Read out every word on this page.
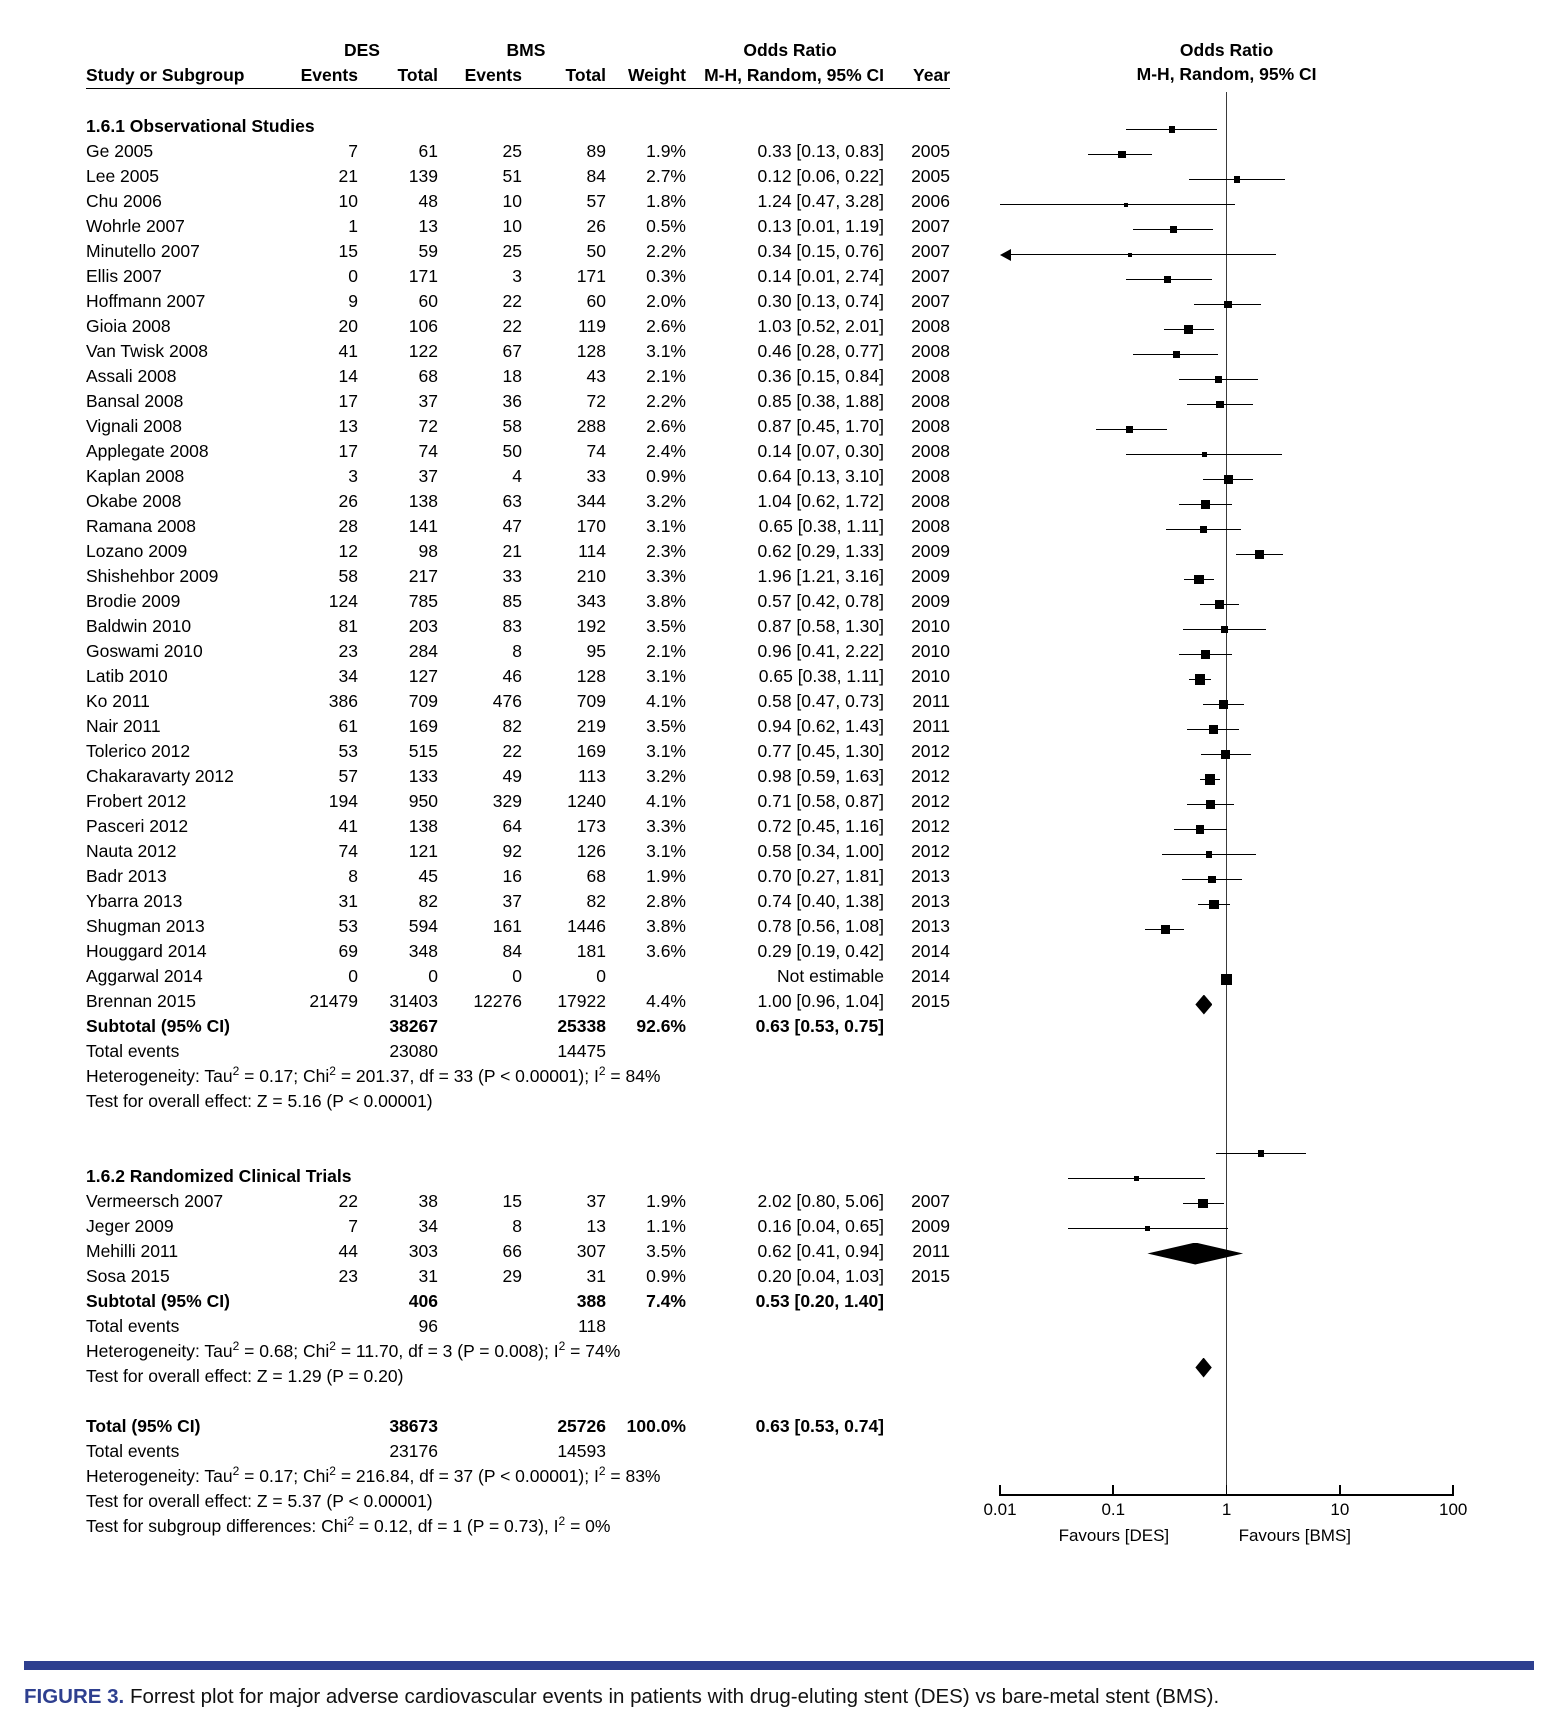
	DES		BMS			Odds Ratio	
Study or Subgroup	Events	Total	Events	Total	Weight	M-H, Random, 95% CI	Year

1.6.1 Observational Studies							
Ge 2005	7	61	25	89	1.9%	0.33 [0.13, 0.83]	2005
Lee 2005	21	139	51	84	2.7%	0.12 [0.06, 0.22]	2005
Chu 2006	10	48	10	57	1.8%	1.24 [0.47, 3.28]	2006
Wohrle 2007	1	13	10	26	0.5%	0.13 [0.01, 1.19]	2007
Minutello 2007	15	59	25	50	2.2%	0.34 [0.15, 0.76]	2007
Ellis 2007	0	171	3	171	0.3%	0.14 [0.01, 2.74]	2007
Hoffmann 2007	9	60	22	60	2.0%	0.30 [0.13, 0.74]	2007
Gioia 2008	20	106	22	119	2.6%	1.03 [0.52, 2.01]	2008
Van Twisk 2008	41	122	67	128	3.1%	0.46 [0.28, 0.77]	2008
Assali 2008	14	68	18	43	2.1%	0.36 [0.15, 0.84]	2008
Bansal 2008	17	37	36	72	2.2%	0.85 [0.38, 1.88]	2008
Vignali 2008	13	72	58	288	2.6%	0.87 [0.45, 1.70]	2008
Applegate 2008	17	74	50	74	2.4%	0.14 [0.07, 0.30]	2008
Kaplan 2008	3	37	4	33	0.9%	0.64 [0.13, 3.10]	2008
Okabe 2008	26	138	63	344	3.2%	1.04 [0.62, 1.72]	2008
Ramana 2008	28	141	47	170	3.1%	0.65 [0.38, 1.11]	2008
Lozano 2009	12	98	21	114	2.3%	0.62 [0.29, 1.33]	2009
Shishehbor 2009	58	217	33	210	3.3%	1.96 [1.21, 3.16]	2009
Brodie 2009	124	785	85	343	3.8%	0.57 [0.42, 0.78]	2009
Baldwin 2010	81	203	83	192	3.5%	0.87 [0.58, 1.30]	2010
Goswami 2010	23	284	8	95	2.1%	0.96 [0.41, 2.22]	2010
Latib 2010	34	127	46	128	3.1%	0.65 [0.38, 1.11]	2010
Ko 2011	386	709	476	709	4.1%	0.58 [0.47, 0.73]	2011
Nair 2011	61	169	82	219	3.5%	0.94 [0.62, 1.43]	2011
Tolerico 2012	53	515	22	169	3.1%	0.77 [0.45, 1.30]	2012
Chakaravarty 2012	57	133	49	113	3.2%	0.98 [0.59, 1.63]	2012
Frobert 2012	194	950	329	1240	4.1%	0.71 [0.58, 0.87]	2012
Pasceri 2012	41	138	64	173	3.3%	0.72 [0.45, 1.16]	2012
Nauta 2012	74	121	92	126	3.1%	0.58 [0.34, 1.00]	2012
Badr 2013	8	45	16	68	1.9%	0.70 [0.27, 1.81]	2013
Ybarra 2013	31	82	37	82	2.8%	0.74 [0.40, 1.38]	2013
Shugman 2013	53	594	161	1446	3.8%	0.78 [0.56, 1.08]	2013
Houggard 2014	69	348	84	181	3.6%	0.29 [0.19, 0.42]	2014
Aggarwal 2014	0	0	0	0		Not estimable	2014
Brennan 2015	21479	31403	12276	17922	4.4%	1.00 [0.96, 1.04]	2015
Subtotal (95% CI)		38267		25338	92.6%	0.63 [0.53, 0.75]	
Total events		23080		14475			
Heterogeneity: Tau$^2$ = 0.17; Chi$^2$ = 201.37, df = 33 (P < 0.00001); $I^2 = 84\%$							
Test for overall effect: Z = 5.16 (P < 0.00001)							

1.6.2 Randomized Clinical Trials							
Vermeersch 2007	22	38	15	37	1.9%	2.02 [0.80, 5.06]	2007
Jeger 2009	7	34	8	13	1.1%	0.16 [0.04, 0.65]	2009
Mehilli 2011	44	303	66	307	3.5%	0.62 [0.41, 0.94]	2011
Sosa 2015	23	31	29	31	0.9%	0.20 [0.04, 1.03]	2015
Subtotal (95% CI)		406		388	7.4%	0.53 [0.20, 1.40]	
Total events		96		118			
Heterogeneity: Tau$^2$ = 0.68; Chi$^2$ = 11.70, df = 3 (P = 0.008); $I^2 = 74\%$							
Test for overall effect: Z = 1.29 (P = 0.20)							

Total (95% CI)		38673		25726	100.0%	0.63 [0.53, 0.74]	
Total events		23176		14593			
Heterogeneity: Tau$^2$ = 0.17; Chi$^2$ = 216.84, df = 37 (P < 0.00001); $I^2 = 83\%$							
Test for overall effect: Z = 5.37 (P < 0.00001)							
Test for subgroup differences: Chi$^2$ = 0.12, df = 1 (P = 0.73), $I^2 = 0\%$							
Odds Ratio
M-H, Random, 95% CI
0.01	0.1	1	10	100
Favours [DES]	Favours [BMS]
FIGURE 3. Forrest plot for major adverse cardiovascular events in patients with drug-eluting stent (DES) vs bare-metal stent (BMS).
